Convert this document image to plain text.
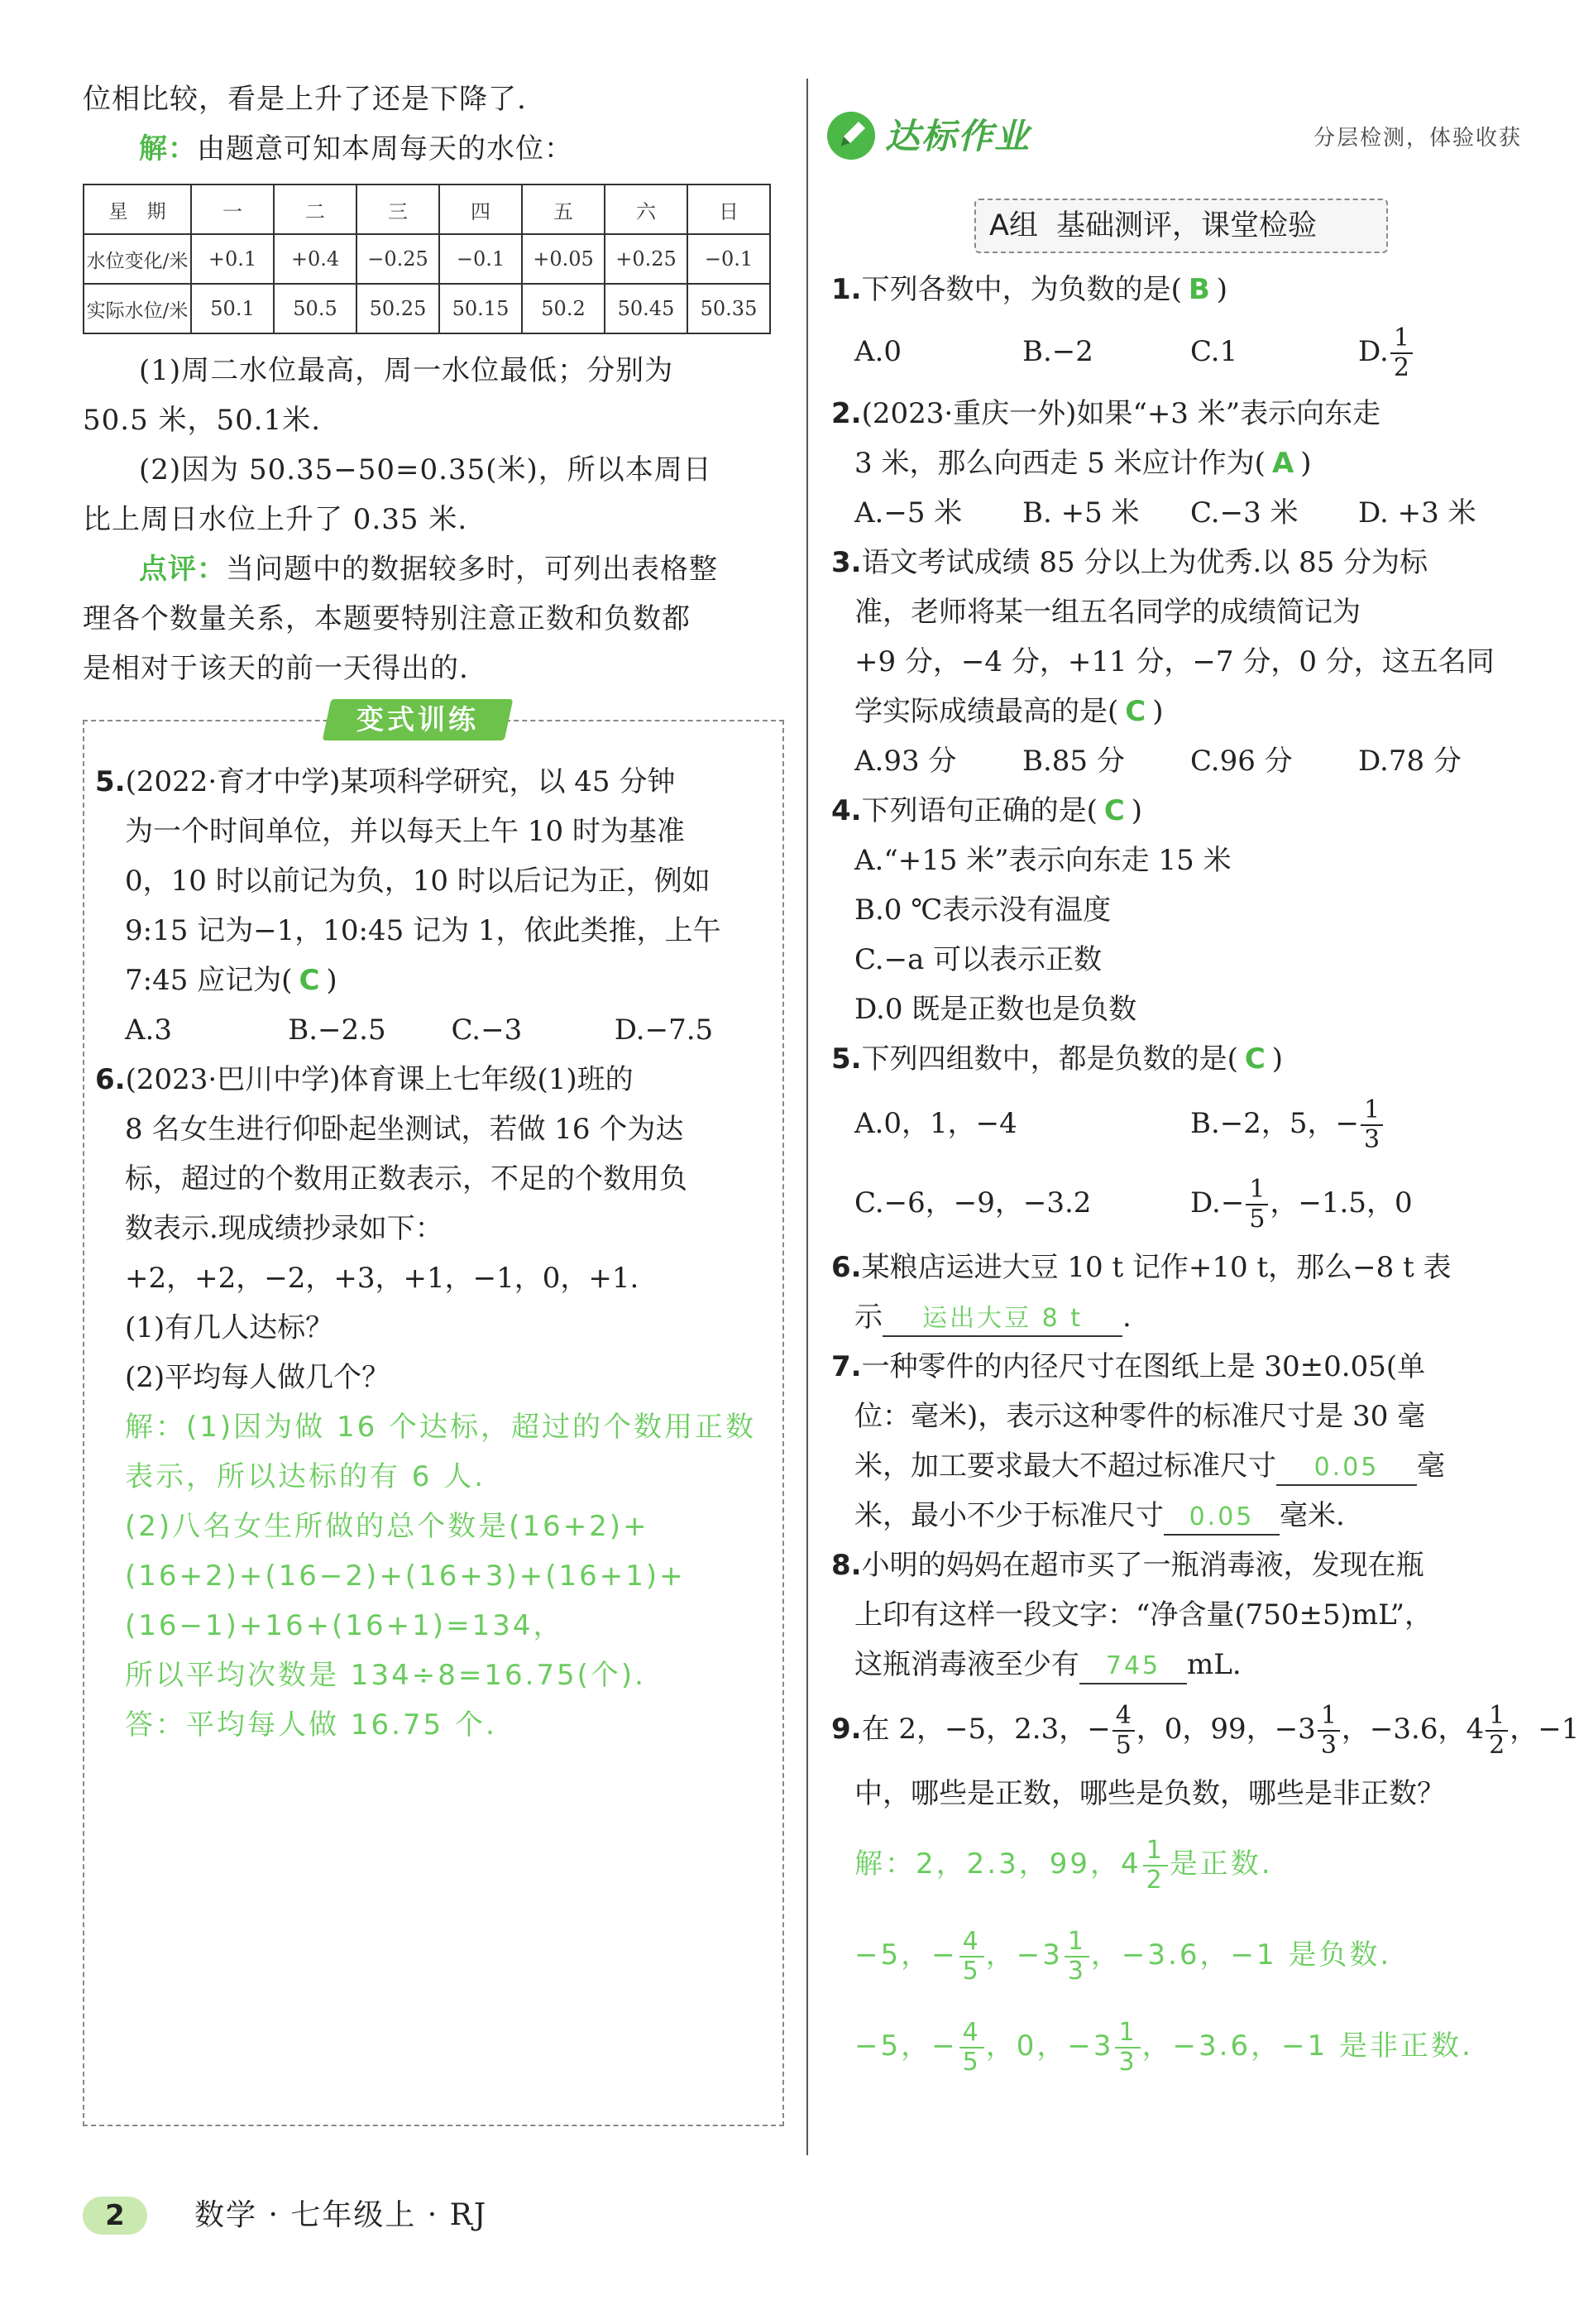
位相比较，看是上升了还是下降了.

解：由题意可知本周每天的水位：

星　期	一	二	三	四	五	六	日
水位变化/米	+0.1	+0.4	−0.25	−0.1	+0.05	+0.25	−0.1
实际水位/米	50.1	50.5	50.25	50.15	50.2	50.45	50.35

(1)周二水位最高，周一水位最低；分别为

50.5 米，50.1米.

(2)因为 50.35−50=0.35(米)，所以本周日

比上周日水位上升了 0.35 米.

点评：当问题中的数据较多时，可列出表格整

理各个数量关系，本题要特别注意正数和负数都

是相对于该天的前一天得出的.

变式训练

5.(2022·育才中学)某项科学研究，以 45 分钟

为一个时间单位，并以每天上午 10 时为基准

0，10 时以前记为负，10 时以后记为正，例如

9:15 记为−1，10:45 记为 1，依此类推，上午

7:45 应记为( C )

A.3	B.−2.5	C.−3	D.−7.5

6.(2023·巴川中学)体育课上七年级(1)班的

8 名女生进行仰卧起坐测试，若做 16 个为达

标，超过的个数用正数表示，不足的个数用负

数表示.现成绩抄录如下：

+2，+2，−2，+3，+1，−1，0，+1.

(1)有几人达标？

(2)平均每人做几个？

解：(1)因为做 16 个达标，超过的个数用正数

表示，所以达标的有 6 人.

(2)八名女生所做的总个数是(16+2)+

(16+2)+(16−2)+(16+3)+(16+1)+

(16−1)+16+(16+1)=134，

所以平均次数是 134÷8=16.75(个).

答：平均每人做 16.75 个.

达标作业	分层检测，体验收获
A组 基础测评，课堂检验

1.下列各数中，为负数的是( B )

A.0	B.−2	C.1	D. $\frac{1}{2}$

2.(2023·重庆一外)如果“+3 米”表示向东走

3 米，那么向西走 5 米应计作为( A )

A.−5 米	B. +5 米	C.−3 米	D. +3 米

3.语文考试成绩 85 分以上为优秀.以 85 分为标

准，老师将某一组五名同学的成绩简记为

+9 分，−4 分，+11 分，−7 分，0 分，这五名同

学实际成绩最高的是( C )

A.93 分	B.85 分	C.96 分	D.78 分

4.下列语句正确的是( C )

A.“+15 米”表示向东走 15 米

B.0 ℃表示没有温度

C.−a 可以表示正数

D.0 既是正数也是负数

5.下列四组数中，都是负数的是( C )

A.0，1，−4	B.−2，5，− $\frac{1}{3}$
C.−6，−9，−3.2	$D.- \frac{1}{5}$ ，−1.5，0

6.某粮店运进大豆 10 t 记作+10 t，那么−8 t 表

示 运出大豆 8 t .

7.一种零件的内径尺寸在图纸上是 30±0.05(单

位：毫米)，表示这种零件的标准尺寸是 30 毫

米，加工要求最大不超过标准尺寸 0.05 毫

米，最小不少于标准尺寸 0.05 毫米.

8.小明的妈妈在超市买了一瓶消毒液，发现在瓶

上印有这样一段文字：“净含量(750±5)mL”，

这瓶消毒液至少有 745 mL.

9.在 2，−5，2.3，− $\frac{4}{5}$ ，0，99，$-3 \frac{1}{3}$ ，−3.6，$4 \frac{1}{2}$ ，−1

中，哪些是正数，哪些是负数，哪些是非正数？

解：2，2.3，99，$4 \frac{1}{2}$ 是正数.

−5，− $\frac{4}{5}$ ，$-3 \frac{1}{3}$ ，−3.6，−1 是负数.

−5，− $\frac{4}{5}$ ，0，$-3 \frac{1}{3}$ ，−3.6，−1 是非正数.

2	数学 · 七年级上 · RJ
